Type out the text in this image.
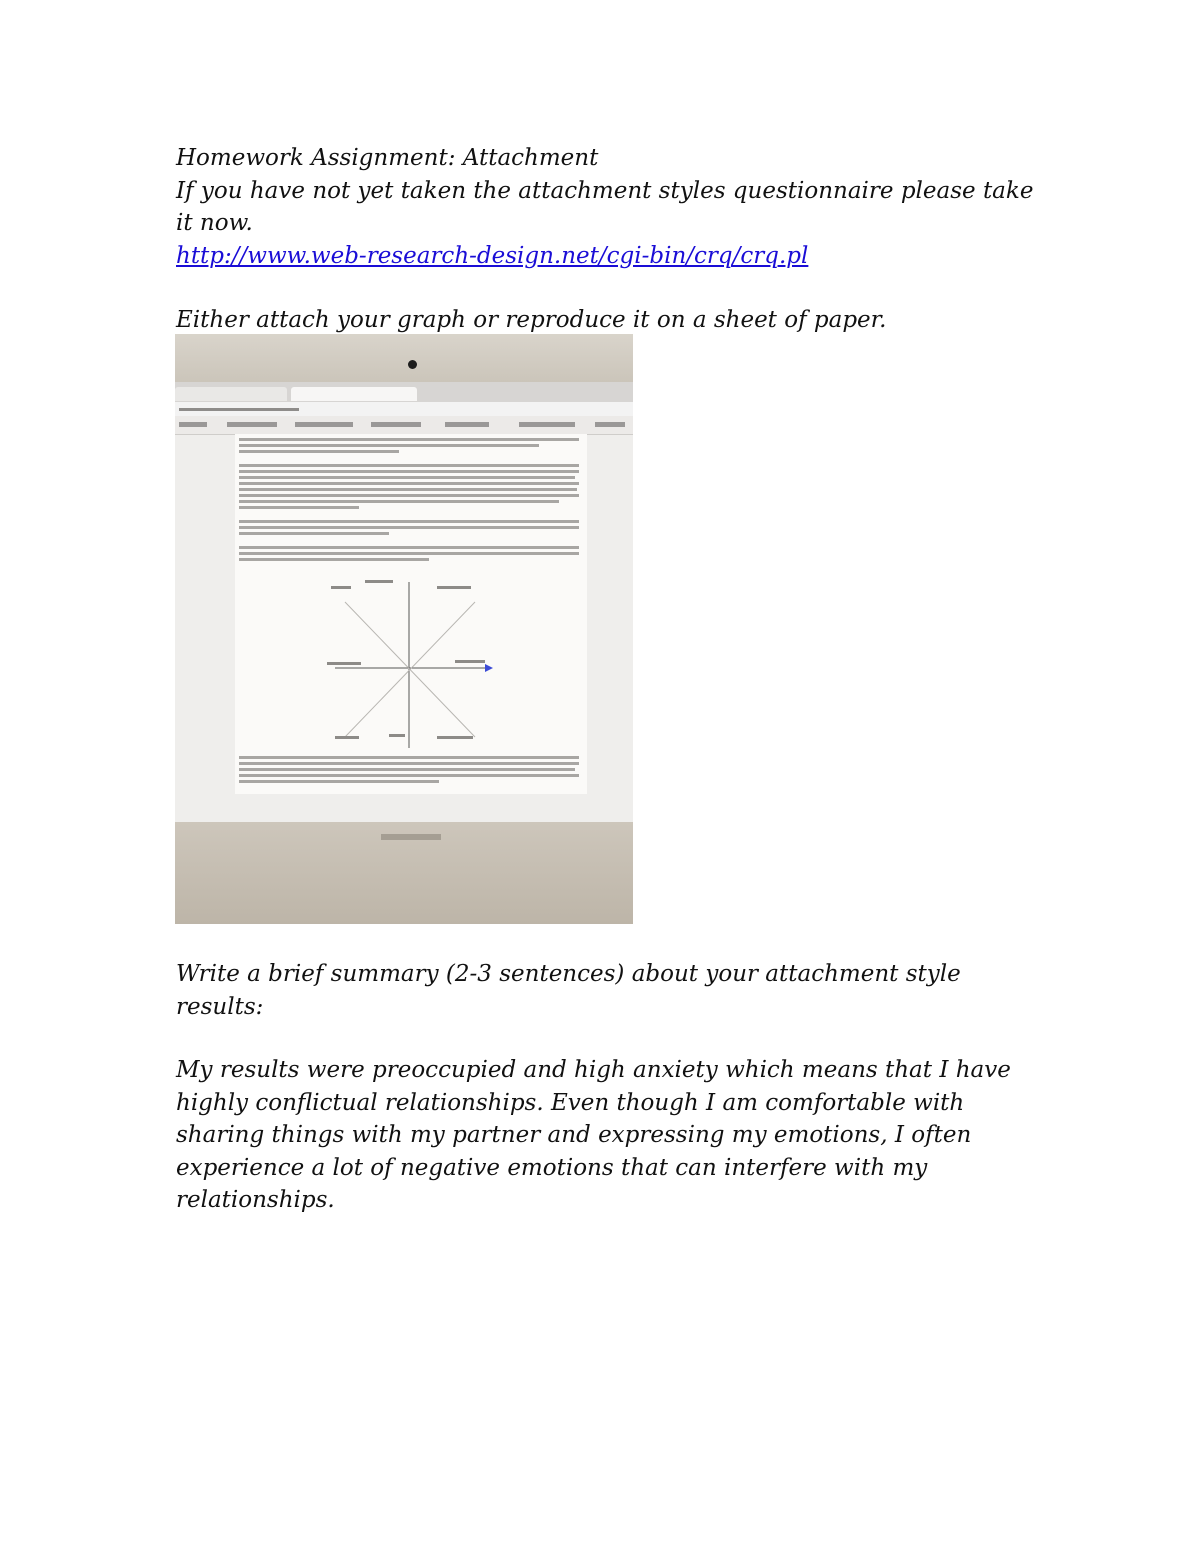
Homework Assignment: Attachment
If you have not yet taken the attachment styles questionnaire please take
it now.
http://www.web-research-design.net/cgi-bin/crq/crq.pl
Either attach your graph or reproduce it on a sheet of paper.
Write a brief summary (2-3 sentences) about your attachment style
results:
My results were preoccupied and high anxiety which means that I have
highly conflictual relationships. Even though I am comfortable with
sharing things with my partner and expressing my emotions, I often
experience a lot of negative emotions that can interfere with my
relationships.
